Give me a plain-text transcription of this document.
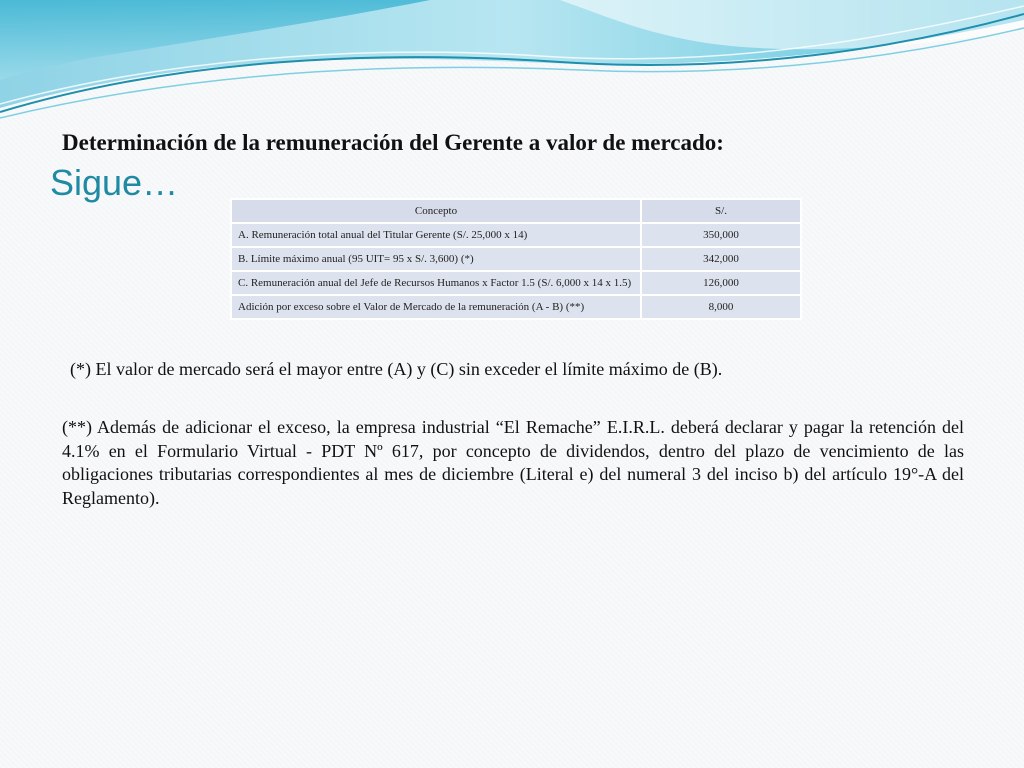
Determinación de la remuneración del Gerente a valor de mercado:
Sigue…
Concepto	S/.
A. Remuneración total anual del Titular Gerente (S/. 25,000 x 14)	350,000
B. Límite máximo anual (95 UIT= 95 x S/. 3,600) (*)	342,000
C. Remuneración anual del Jefe de Recursos Humanos x Factor 1.5 (S/. 6,000 x 14 x 1.5)	126,000
Adición por exceso sobre el Valor de Mercado de la remuneración (A - B) (**)	8,000
(*) El valor de mercado será el mayor entre (A) y (C) sin exceder el límite máximo de (B).
(**) Además de adicionar el exceso, la empresa industrial “El Remache” E.I.R.L. deberá declarar y pagar la retención del 4.1% en el Formulario Virtual - PDT Nº 617, por concepto de dividendos, dentro del plazo de vencimiento de las obligaciones tributarias correspondientes al mes de diciembre (Literal e) del numeral 3 del inciso b) del artículo 19°-A del Reglamento).
